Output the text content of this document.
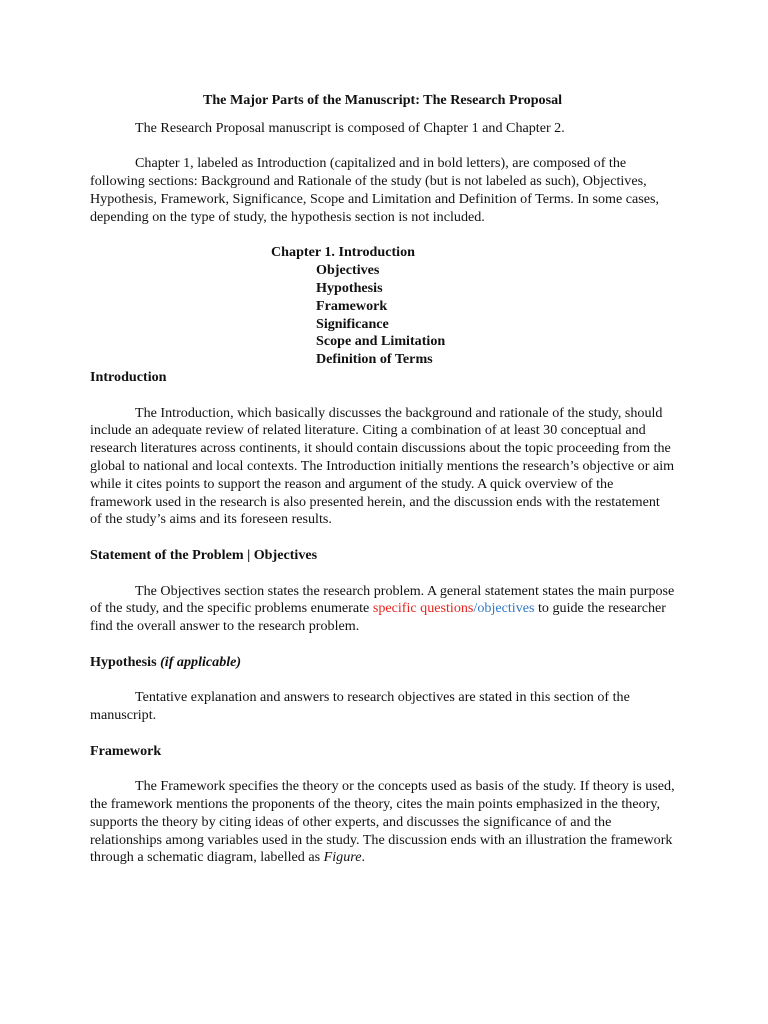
The Major Parts of the Manuscript: The Research Proposal

The Research Proposal manuscript is composed of Chapter 1 and Chapter 2.

Chapter 1, labeled as Introduction (capitalized and in bold letters), are composed of the following sections: Background and Rationale of the study (but is not labeled as such), Objectives, Hypothesis, Framework, Significance, Scope and Limitation and Definition of Terms. In some cases, depending on the type of study, the hypothesis section is not included.

Chapter 1. Introduction
Objectives
Hypothesis
Framework
Significance
Scope and Limitation
Definition of Terms
Introduction

The Introduction, which basically discusses the background and rationale of the study, should include an adequate review of related literature. Citing a combination of at least 30 conceptual and research literatures across continents, it should contain discussions about the topic proceeding from the global to national and local contexts. The Introduction initially mentions the research’s objective or aim while it cites points to support the reason and argument of the study. A quick overview of the framework used in the research is also presented herein, and the discussion ends with the restatement of the study’s aims and its foreseen results.

Statement of the Problem | Objectives

The Objectives section states the research problem. A general statement states the main purpose of the study, and the specific problems enumerate specific questions/objectives to guide the researcher find the overall answer to the research problem.

Hypothesis (if applicable)

Tentative explanation and answers to research objectives are stated in this section of the manuscript.

Framework

The Framework specifies the theory or the concepts used as basis of the study. If theory is used, the framework mentions the proponents of the theory, cites the main points emphasized in the theory, supports the theory by citing ideas of other experts, and discusses the significance of and the relationships among variables used in the study. The discussion ends with an illustration the framework through a schematic diagram, labelled as Figure.
